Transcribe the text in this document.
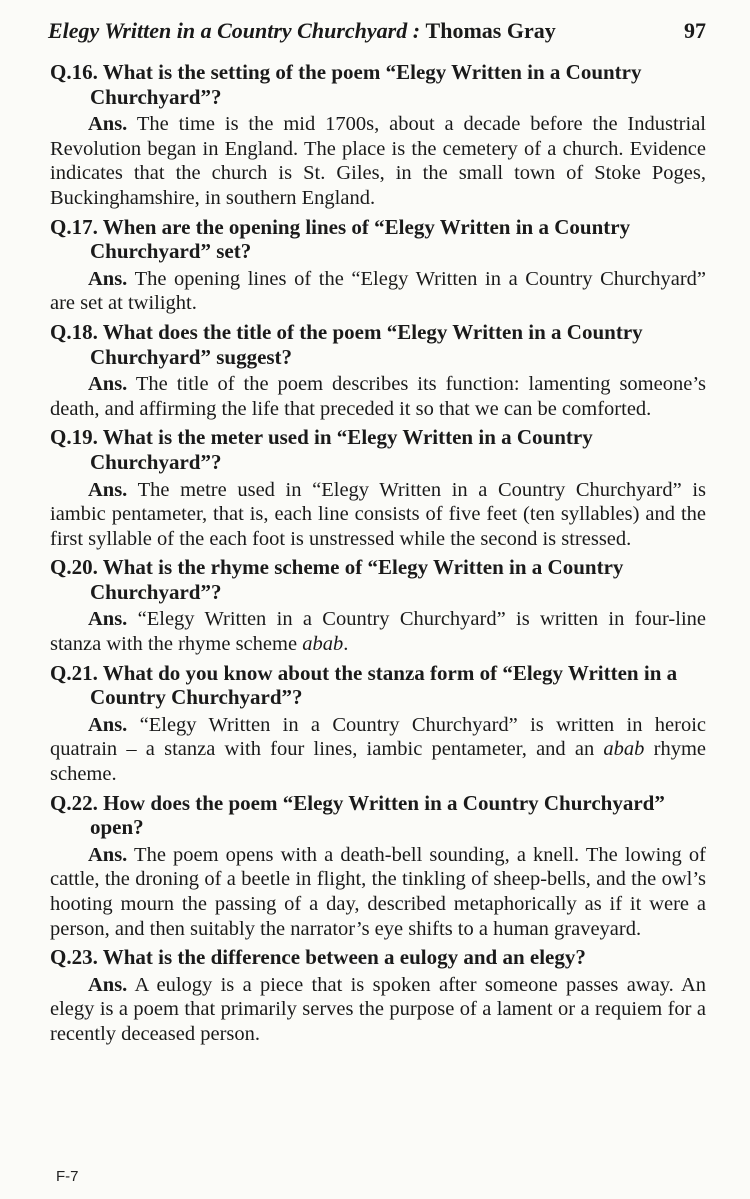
Elegy Written in a Country Churchyard : Thomas Gray	97

Q.16. What is the setting of the poem “Elegy Written in a Country Churchyard”?

Ans. The time is the mid 1700s, about a decade before the Industrial Revolution began in England. The place is the cemetery of a church. Evidence indicates that the church is St. Giles, in the small town of Stoke Poges, Buckinghamshire, in southern England.

Q.17. When are the opening lines of “Elegy Written in a Country Churchyard” set?

Ans. The opening lines of the “Elegy Written in a Country Churchyard” are set at twilight.

Q.18. What does the title of the poem “Elegy Written in a Country Churchyard” suggest?

Ans. The title of the poem describes its function: lamenting someone’s death, and affirming the life that preceded it so that we can be comforted.

Q.19. What is the meter used in “Elegy Written in a Country Churchyard”?

Ans. The metre used in “Elegy Written in a Country Churchyard” is iambic pentameter, that is, each line consists of five feet (ten syllables) and the first syllable of the each foot is unstressed while the second is stressed.

Q.20. What is the rhyme scheme of “Elegy Written in a Country Churchyard”?

Ans. “Elegy Written in a Country Churchyard” is written in four-line stanza with the rhyme scheme abab.

Q.21. What do you know about the stanza form of “Elegy Written in a Country Churchyard”?

Ans. “Elegy Written in a Country Churchyard” is written in heroic quatrain – a stanza with four lines, iambic pentameter, and an abab rhyme scheme.

Q.22. How does the poem “Elegy Written in a Country Churchyard” open?

Ans. The poem opens with a death-bell sounding, a knell. The lowing of cattle, the droning of a beetle in flight, the tinkling of sheep-bells, and the owl’s hooting mourn the passing of a day, described metaphorically as if it were a person, and then suitably the narrator’s eye shifts to a human graveyard.

Q.23. What is the difference between a eulogy and an elegy?

Ans. A eulogy is a piece that is spoken after someone passes away. An elegy is a poem that primarily serves the purpose of a lament or a requiem for a recently deceased person.

F-7
